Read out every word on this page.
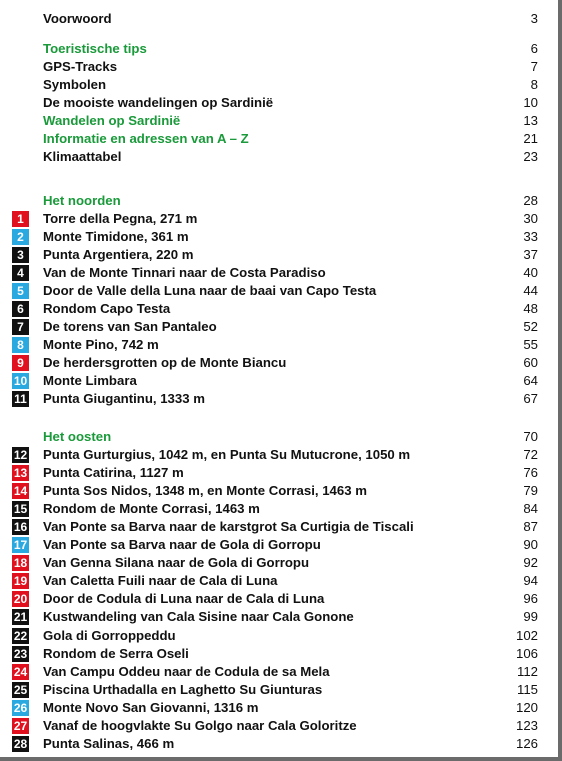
Voorwoord	3
Toeristische tips	6
GPS-Tracks	7
Symbolen	8
De mooiste wandelingen op Sardinië	10
Wandelen op Sardinië	13
Informatie en adressen van A – Z	21
Klimaattabel	23
Het noorden	28
1	Torre della Pegna, 271 m	30
2	Monte Timidone, 361 m	33
3	Punta Argentiera, 220 m	37
4	Van de Monte Tinnari naar de Costa Paradiso	40
5	Door de Valle della Luna naar de baai van Capo Testa	44
6	Rondom Capo Testa	48
7	De torens van San Pantaleo	52
8	Monte Pino, 742 m	55
9	De herdersgrotten op de Monte Biancu	60
10 Monte Limbara	64
11 Punta Giugantinu, 1333 m	67
Het oosten	70
12 Punta Gurturgius, 1042 m, en Punta Su Mutucrone, 1050 m	72
13 Punta Catirina, 1127 m	76
14 Punta Sos Nidos, 1348 m, en Monte Corrasi, 1463 m	79
15 Rondom de Monte Corrasi, 1463 m	84
16 Van Ponte sa Barva naar de karstgrot Sa Curtigia de Tiscali	87
17 Van Ponte sa Barva naar de Gola di Gorropu	90
18 Van Genna Silana naar de Gola di Gorropu	92
19 Van Caletta Fuili naar de Cala di Luna	94
20 Door de Codula di Luna naar de Cala di Luna	96
21 Kustwandeling van Cala Sisine naar Cala Gonone	99
22 Gola di Gorroppeddu	102
23 Rondom de Serra Oseli	106
24 Van Campu Oddeu naar de Codula de sa Mela	112
25 Piscina Urthadalla en Laghetto Su Giunturas	115
26 Monte Novo San Giovanni, 1316 m	120
27 Vanaf de hoogvlakte Su Golgo naar Cala Goloritze	123
28 Punta Salinas, 466 m	126
